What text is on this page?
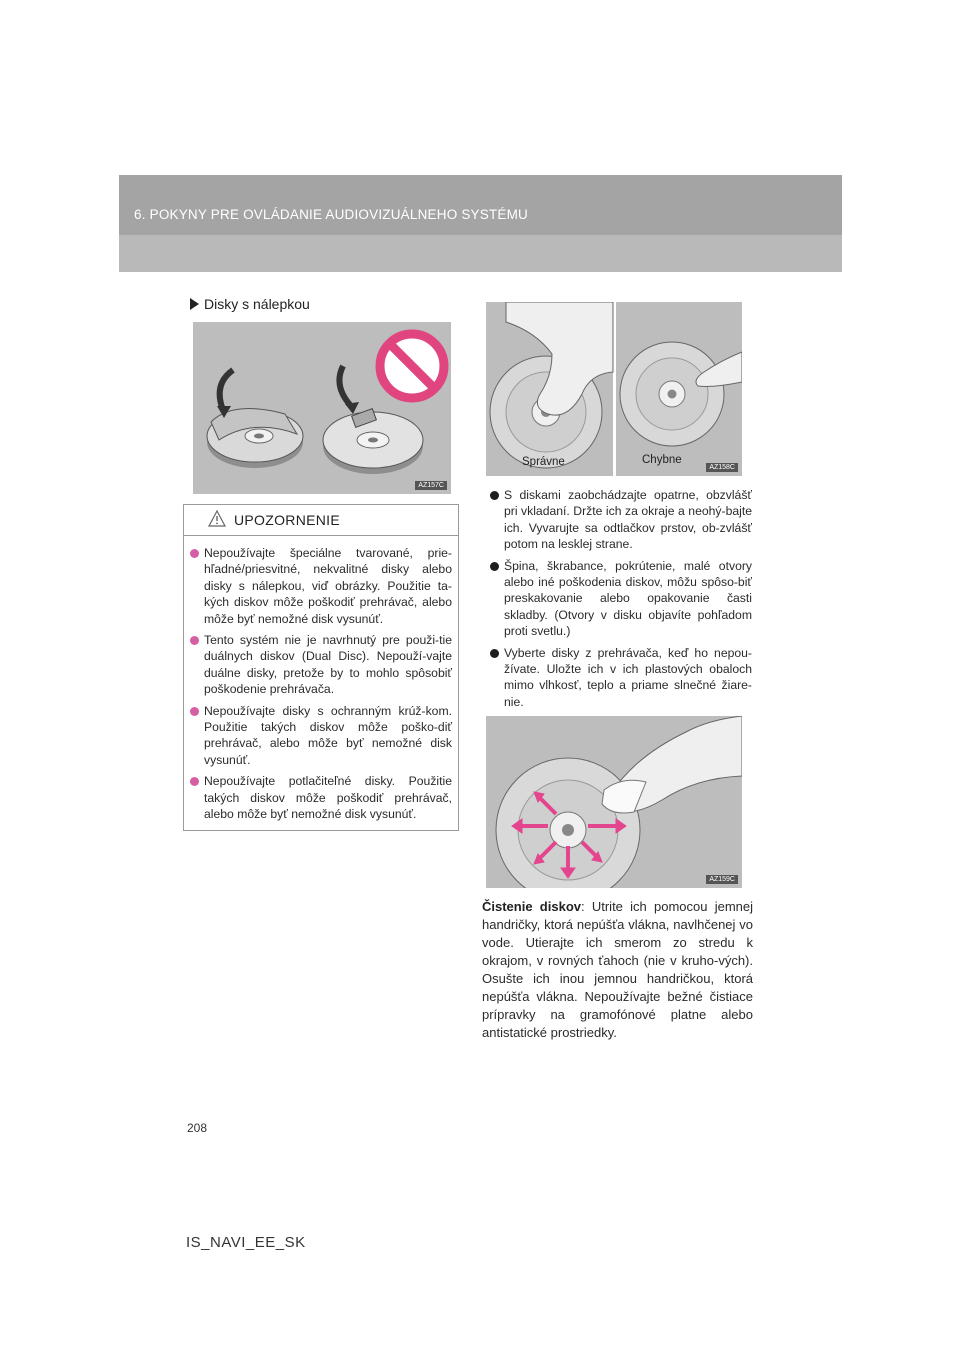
6. POKYNY PRE OVLÁDANIE AUDIOVIZUÁLNEHO SYSTÉMU
Disky s nálepkou
AZ157C
UPOZORNENIE
Nepoužívajte špeciálne tvarované, prie-hľadné/priesvitné, nekvalitné disky alebo disky s nálepkou, viď obrázky. Použitie ta-kých diskov môže poškodiť prehrávač, alebo môže byť nemožné disk vysunúť.
Tento systém nie je navrhnutý pre použi-tie duálnych diskov (Dual Disc). Nepouží-vajte duálne disky, pretože by to mohlo spôsobiť poškodenie prehrávača.
Nepoužívajte disky s ochranným krúž-kom. Použitie takých diskov môže poško-diť prehrávač, alebo môže byť nemožné disk vysunúť.
Nepoužívajte potlačiteľné disky. Použitie takých diskov môže poškodiť prehrávač, alebo môže byť nemožné disk vysunúť.
Správne	Chybne
AZ158C
S diskami zaobchádzajte opatrne, obzvlášť pri vkladaní. Držte ich za okraje a neohý-bajte ich. Vyvarujte sa odtlačkov prstov, ob-zvlášť potom na lesklej strane.
Špina, škrabance, pokrútenie, malé otvory alebo iné poškodenia diskov, môžu spôso-biť preskakovanie alebo opakovanie časti skladby. (Otvory v disku objavíte pohľadom proti svetlu.)
Vyberte disky z prehrávača, keď ho nepou-žívate. Uložte ich v ich plastových obaloch mimo vlhkosť, teplo a priame slnečné žiare-nie.
AZ159C
Čistenie diskov: Utrite ich pomocou jemnej handričky, ktorá nepúšťa vlákna, navlhčenej vo vode. Utierajte ich smerom zo stredu k okrajom, v rovných ťahoch (nie v kruho-vých). Osušte ich inou jemnou handričkou, ktorá nepúšťa vlákna. Nepoužívajte bežné čistiace prípravky na gramofónové platne alebo antistatické prostriedky.
208
IS_NAVI_EE_SK
